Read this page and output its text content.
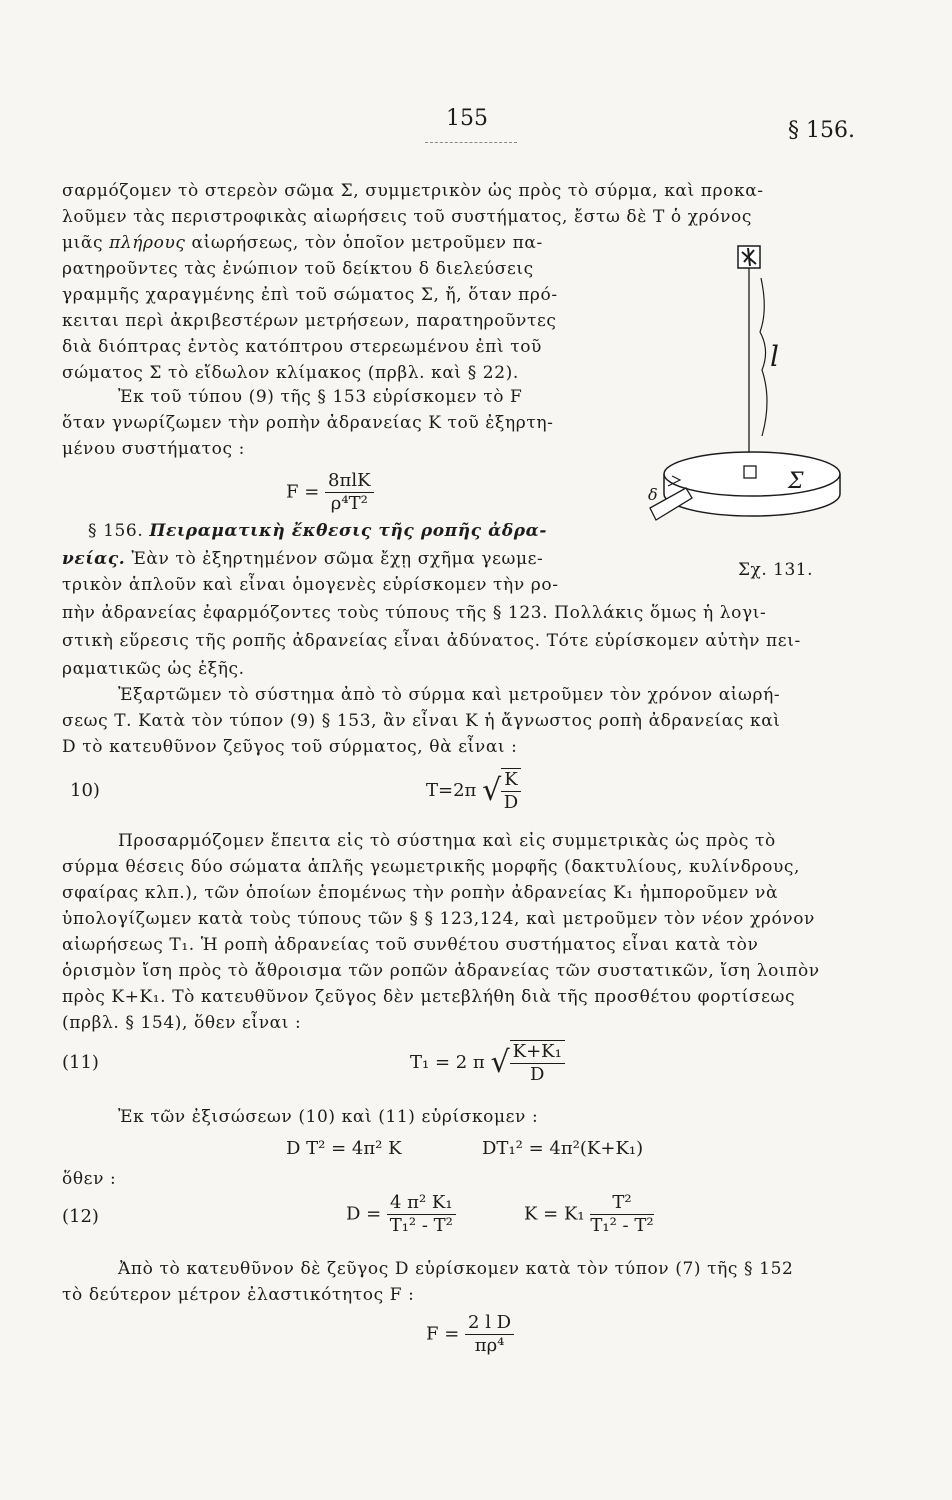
155	§ 156.
σαρμόζομεν τὸ στερεὸν σῶμα Σ, συμμετρικὸν ὡς πρὸς τὸ σύρμα, καὶ προκα-
λοῦμεν τὰς περιστροφικὰς αἰωρήσεις τοῦ συστήματος, ἔστω δὲ Τ ὁ χρόνος
μιᾶς πλήρους αἰωρήσεως, τὸν ὁποῖον μετροῦμεν πα-
ρατηροῦντες τὰς ἐνώπιον τοῦ δείκτου δ διελεύσεις
γραμμῆς χαραγμένης ἐπὶ τοῦ σώματος Σ, ἤ, ὅταν πρό-
κειται περὶ ἀκριβεστέρων μετρήσεων, παρατηροῦντες
διὰ διόπτρας ἐντὸς κατόπτρου στερεωμένου ἐπὶ τοῦ
σώματος Σ τὸ εἴδωλον κλίμακος (πρβλ. καὶ § 22).
Ἐκ τοῦ τύπου (9) τῆς § 153 εὑρίσκομεν τὸ F
ὅταν γνωρίζωμεν τὴν ροπὴν ἀδρανείας Κ τοῦ ἐξηρτη-
μένου συστήματος :
$F = \frac{\text{8πlK}}{\text{ρ⁴T²}}$
§ 156. Πειραματικὴ ἔκθεσις τῆς ροπῆς ἀδρα-
νείας. Ἐὰν τὸ ἐξηρτημένον σῶμα ἔχῃ σχῆμα γεωμε-
τρικὸν ἁπλοῦν καὶ εἶναι ὁμογενὲς εὑρίσκομεν τὴν ρο-
l
Σ
δ
Σχ. 131.
πὴν ἀδρανείας ἐφαρμόζοντες τοὺς τύπους τῆς § 123. Πολλάκις ὅμως ἡ λογι-
στικὴ εὕρεσις τῆς ροπῆς ἀδρανείας εἶναι ἀδύνατος. Τότε εὑρίσκομεν αὐτὴν πει-
ραματικῶς ὡς ἑξῆς.
Ἐξαρτῶμεν τὸ σύστημα ἀπὸ τὸ σύρμα καὶ μετροῦμεν τὸν χρόνον αἰωρή-
σεως Τ. Κατὰ τὸν τύπον (9) § 153, ἂν εἶναι Κ ἡ ἄγνωστος ροπὴ ἀδρανείας καὶ
D τὸ κατευθῦνον ζεῦγος τοῦ σύρματος, θὰ εἶναι :
10)	T=2π √ $\frac{K}{D}$
Προσαρμόζομεν ἔπειτα εἰς τὸ σύστημα καὶ εἰς συμμετρικὰς ὡς πρὸς τὸ
σύρμα θέσεις δύο σώματα ἁπλῆς γεωμετρικῆς μορφῆς (δακτυλίους, κυλίνδρους,
σφαίρας κλπ.), τῶν ὁποίων ἑπομένως τὴν ροπὴν ἀδρανείας Κ₁ ἠμποροῦμεν νὰ
ὑπολογίζωμεν κατὰ τοὺς τύπους τῶν § § 123,124, καὶ μετροῦμεν τὸν νέον χρόνον
αἰωρήσεως Τ₁. Ἡ ροπὴ ἀδρανείας τοῦ συνθέτου συστήματος εἶναι κατὰ τὸν
ὁρισμὸν ἴση πρὸς τὸ ἄθροισμα τῶν ροπῶν ἀδρανείας τῶν συστατικῶν, ἴση λοιπὸν
πρὸς Κ+Κ₁. Τὸ κατευθῦνον ζεῦγος δὲν μετεβλήθη διὰ τῆς προσθέτου φορτίσεως
(πρβλ. § 154), ὅθεν εἶναι :
(11)	T₁ = 2 π √ $\frac{\text{K+K₁}}{D}$
Ἐκ τῶν ἐξισώσεων (10) καὶ (11) εὑρίσκομεν :
D T² = 4π² K	DT₁² = 4π²(K+K₁)
ὅθεν :
(12)	$D = \frac{\text{4 π² K₁}}{\text{T₁² - T²}}$	$K = K_1 \frac{\text{T²}}{\text{T₁² - T²}}$
Ἀπὸ τὸ κατευθῦνον δὲ ζεῦγος D εὑρίσκομεν κατὰ τὸν τύπον (7) τῆς § 152
τὸ δεύτερον μέτρον ἐλαστικότητος F :
$F = \frac{\text{2 l D}}{\text{πρ⁴}}$
